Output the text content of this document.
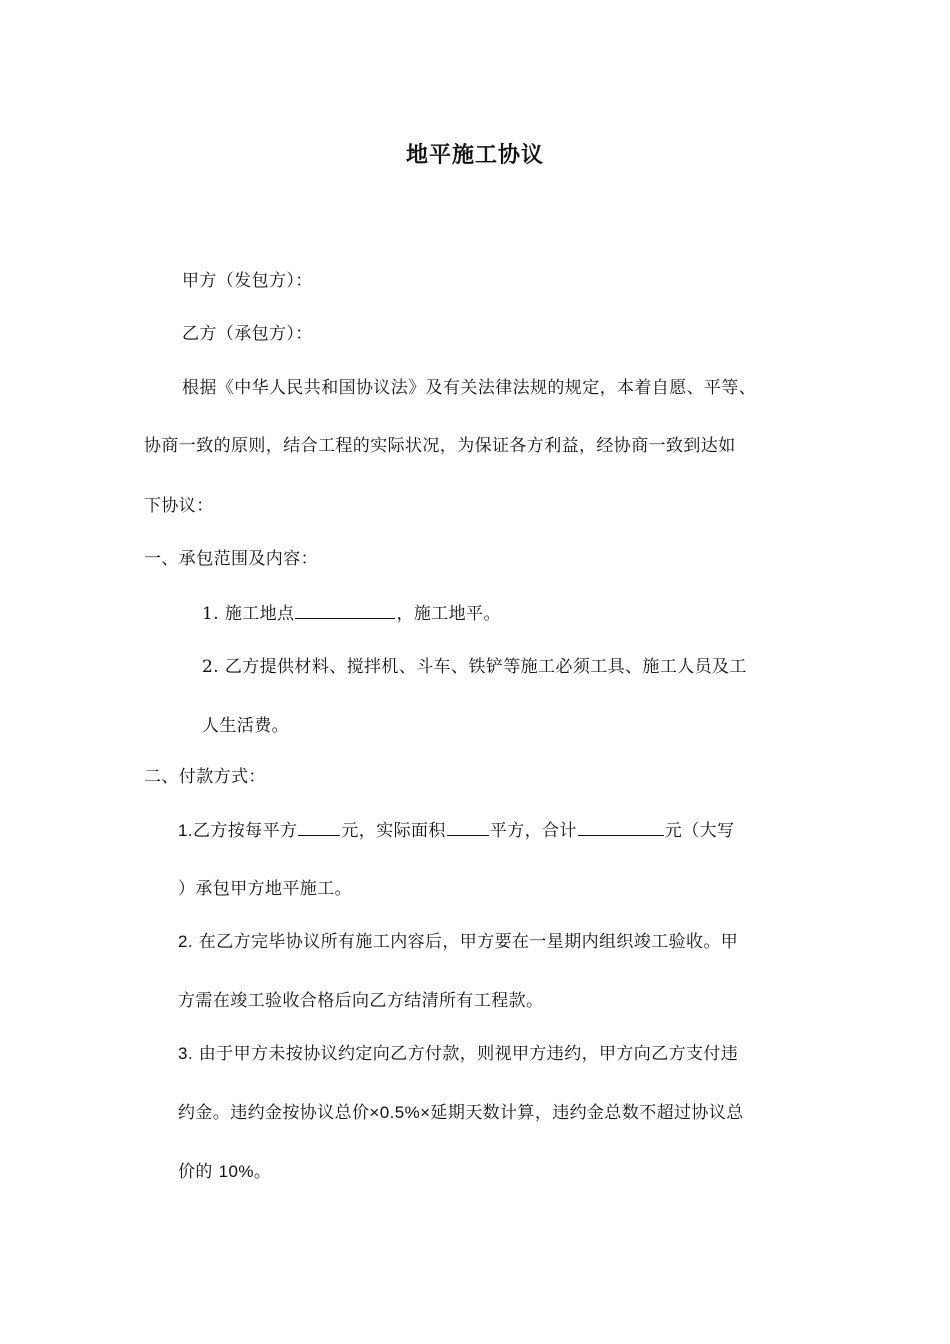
地平施工协议
甲方（发包方）：
乙方（承包方）：
根据《中华人民共和国协议法》及有关法律法规的规定，本着自愿、平等、
协商一致的原则，结合工程的实际状况，为保证各方利益，经协商一致到达如
下协议：
一、承包范围及内容：
1. 施工地点	，施工地平。
2. 乙方提供材料、搅拌机、斗车、铁铲等施工必须工具、施工人员及工
人生活费。
二、付款方式：
1.乙方按每平方	元，实际面积	平方，合计	元（大写
）承包甲方地平施工。
2. 在乙方完毕协议所有施工内容后，甲方要在一星期内组织竣工验收。甲
方需在竣工验收合格后向乙方结清所有工程款。
3. 由于甲方未按协议约定向乙方付款，则视甲方违约，甲方向乙方支付违
约金。违约金按协议总价×0.5%×延期天数计算，违约金总数不超过协议总
价的 10%。
